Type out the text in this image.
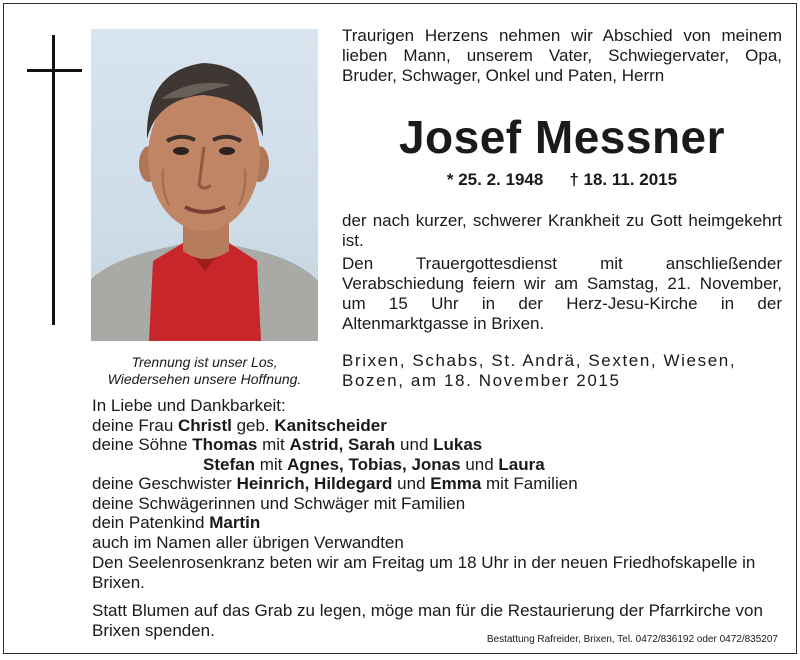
Trennung ist unser Los,
Wiedersehen unsere Hoffnung.
Traurigen Herzens nehmen wir Abschied von meinem lieben Mann, unserem Vater, Schwiegervater, Opa, Bruder, Schwager, Onkel und Paten, Herrn
Josef Messner
* 25. 2. 1948 † 18. 11. 2015
der nach kurzer, schwerer Krankheit zu Gott heimgekehrt ist.
Den Trauergottesdienst mit anschließender Verabschiedung feiern wir am Samstag, 21. November, um 15 Uhr in der Herz-Jesu-Kirche in der Altenmarktgasse in Brixen.
Brixen, Schabs, St. Andrä, Sexten, Wiesen,
Bozen, am 18. November 2015
In Liebe und Dankbarkeit:
deine Frau Christl geb. Kanitscheider
deine Söhne Thomas mit Astrid, Sarah und Lukas
Stefan mit Agnes, Tobias, Jonas und Laura
deine Geschwister Heinrich, Hildegard und Emma mit Familien
deine Schwägerinnen und Schwäger mit Familien
dein Patenkind Martin
auch im Namen aller übrigen Verwandten
Den Seelenrosenkranz beten wir am Freitag um 18 Uhr in der neuen Friedhofskapelle in Brixen.
Statt Blumen auf das Grab zu legen, möge man für die Restaurierung der Pfarrkirche von Brixen spenden.	Bestattung Rafreider, Brixen, Tel. 0472/836192 oder 0472/835207
